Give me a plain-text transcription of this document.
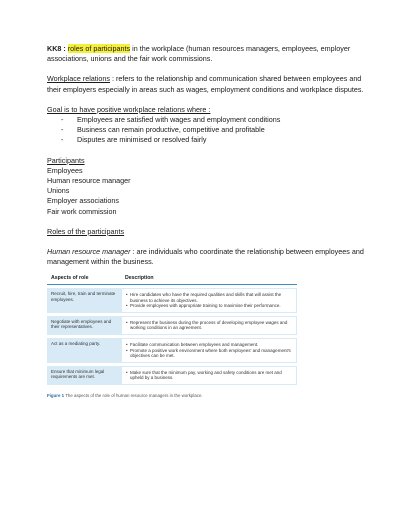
KK8 : roles of participants in the workplace (human resources managers, employees, employer associations, unions and the fair work commissions.

Workplace relations : refers to the relationship and communication shared between employees and their employers especially in areas such as wages, employment conditions and workplace disputes.

Goal is to have positive workplace relations where :

- Employees are satisfied with wages and employment conditions
- Business can remain productive, competitive and profitable
- Disputes are minimised or resolved fairly

Participants

Employees

Human resource manager

Unions

Employer associations

Fair work commission

Roles of the participants

Human resource manager : are individuals who coordinate the relationship between employees and management within the business.

Aspects of role	Description
Recruit, hire, train and terminate employees.	• Hire candidates who have the required qualities and skills that will assist the business to achieve its objectives.
• Provide employees with appropriate training to maximise their performance.

Negotiate with employees and their representatives.	• Represent the business during the process of developing employee wages and working conditions in an agreement.

Act as a mediating party.	• Facilitate communication between employees and management.
• Promote a positive work environment where both employees' and management's objectives can be met.

Ensure that minimum legal requirements are met.	• Make sure that the minimum pay, working and safety conditions are met and upheld by a business.

Figure 1 The aspects of the role of human resource managers in the workplace.
